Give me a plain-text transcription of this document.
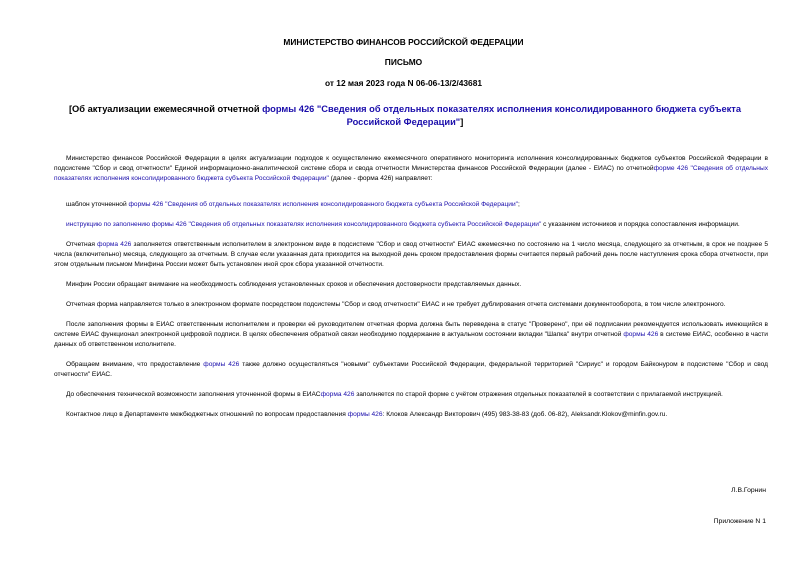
МИНИСТЕРСТВО ФИНАНСОВ РОССИЙСКОЙ ФЕДЕРАЦИИ
ПИСЬМО
от 12 мая 2023 года N 06-06-13/2/43681
[Об актуализации ежемесячной отчетной формы 426 "Сведения об отдельных показателях исполнения консолидированного бюджета субъекта Российской Федерации"]

Министерство финансов Российской Федерации в целях актуализации подходов к осуществлению ежемесячного оперативного мониторинга исполнения консолидированных бюджетов субъектов Российской Федерации в подсистеме "Сбор и свод отчетности" Единой информационно-аналитической системе сбора и свода отчетности Министерства финансов Российской Федерации (далее - ЕИАС) по отчетнойформе 426 "Сведения об отдельных показателях исполнения консолидированного бюджета субъекта Российской Федерации" (далее - форма 426) направляет:

шаблон уточненной формы 426 "Сведения об отдельных показателях исполнения консолидированного бюджета субъекта Российской Федерации";

инструкцию по заполнению формы 426 "Сведения об отдельных показателях исполнения консолидированного бюджета субъекта Российской Федерации" с указанием источников и порядка сопоставления информации.

Отчетная форма 426 заполняется ответственным исполнителем в электронном виде в подсистеме "Сбор и свод отчетности" ЕИАС ежемесячно по состоянию на 1 число месяца, следующего за отчетным, в срок не позднее 5 числа (включительно) месяца, следующего за отчетным. В случае если указанная дата приходится на выходной день сроком предоставления формы считается первый рабочий день после наступления срока сбора отчетности, при этом отдельным письмом Минфина России может быть установлен иной срок сбора указанной отчетности.

Минфин России обращает внимание на необходимость соблюдения установленных сроков и обеспечения достоверности представляемых данных.

Отчетная форма направляется только в электронном формате посредством подсистемы "Сбор и свод отчетности" ЕИАС и не требует дублирования отчета системами документооборота, в том числе электронного.

После заполнения формы в ЕИАС ответственным исполнителем и проверки её руководителем отчетная форма должна быть переведена в статус "Проверено", при её подписании рекомендуется использовать имеющийся в системе ЕИАС функционал электронной цифровой подписи. В целях обеспечения обратной связи необходимо поддержание в актуальном состоянии вкладки "Шапка" внутри отчетной формы 426 в системе ЕИАС, особенно в части данных об ответственном исполнителе.

Обращаем внимание, что предоставление формы 426 также должно осуществляться "новыми" субъектами Российской Федерации, федеральной территорией "Сириус" и городом Байконуром в подсистеме "Сбор и свод отчетности" ЕИАС.

До обеспечения технической возможности заполнения уточненной формы в ЕИАСформа 426 заполняется по старой форме с учётом отражения отдельных показателей в соответствии с прилагаемой инструкцией.

Контактное лицо в Департаменте межбюджетных отношений по вопросам предоставления формы 426: Клоков Александр Викторович (495) 983-38-83 (доб. 06-82), Aleksandr.Klokov@minfin.gov.ru.

Л.В.Горнин
Приложение N 1
